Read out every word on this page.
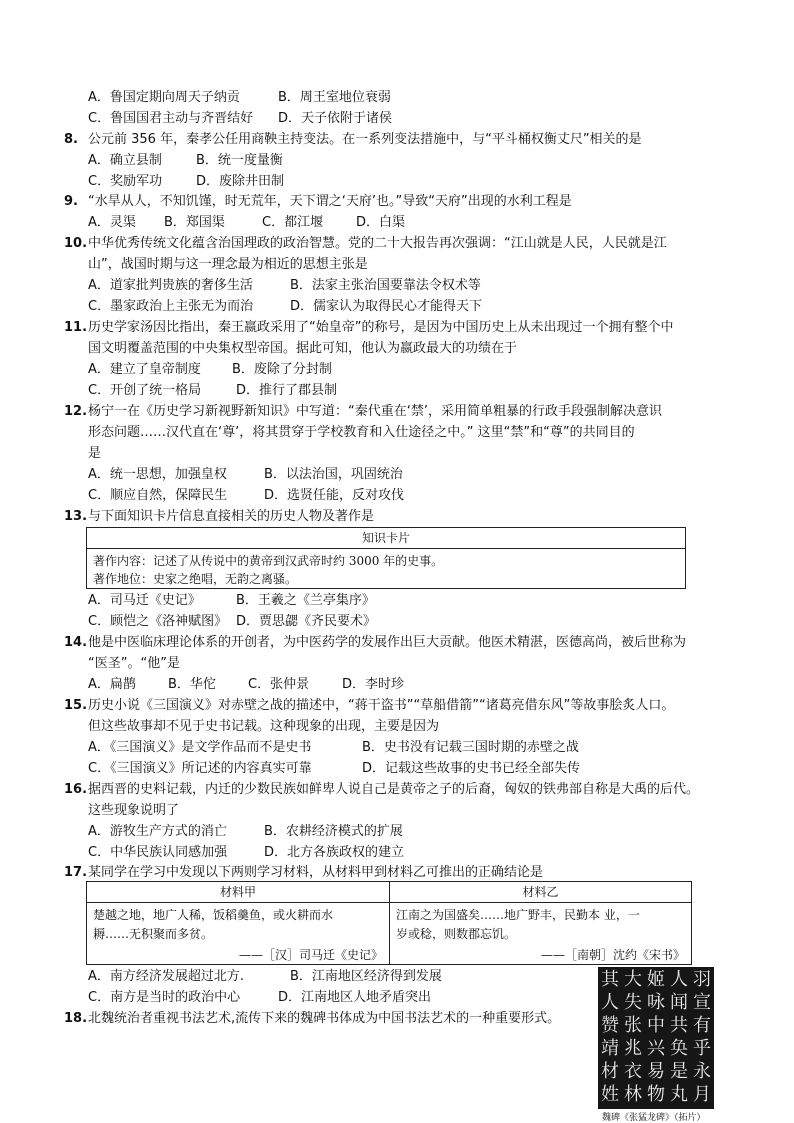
A．鲁国定期向周天子纳贡	B．周王室地位衰弱
C．鲁国国君主动与齐晋结好 D．天子依附于诸侯
8. 公元前 356 年，秦孝公任用商鞅主持变法。在一系列变法措施中，与“平斗桶权衡丈尺”相关的是
A．确立县制	B．统一度量衡
C．奖励军功	D．废除井田制
9. “水旱从人，不知饥馑，时无荒年，天下谓之‘天府’也。”导致“天府”出现的水利工程是
A．灵渠 B．郑国渠	C．都江堰	D．白渠
10. 中华优秀传统文化蕴含治国理政的政治智慧。党的二十大报告再次强调：“江山就是人民，人民就是江
山”，战国时期与这一理念最为相近的思想主张是
A．道家批判贵族的奢侈生活	B．法家主张治国要靠法令权术等
C．墨家政治上主张无为而治	D．儒家认为取得民心才能得天下
11. 历史学家汤因比指出，秦王嬴政采用了“始皇帝”的称号，是因为中国历史上从未出现过一个拥有整个中
国文明覆盖范围的中央集权型帝国。据此可知，他认为嬴政最大的功绩在于
A．建立了皇帝制度 B．废除了分封制
C．开创了统一格局	D．推行了郡县制
12. 杨宁一在《历史学习新视野新知识》中写道：“秦代重在‘禁’，采用简单粗暴的行政手段强制解决意识
形态问题……汉代直在‘尊’，将其贯穿于学校教育和入仕途径之中。” 这里“禁”和“尊”的共同目的
是
A．统一思想，加强皇权	B．以法治国，巩固统治
C．顺应自然，保障民生	D．选贤任能，反对攻伐
13. 与下面知识卡片信息直接相关的历史人物及著作是
知识卡片
著作内容：记述了从传说中的黄帝到汉武帝时约 3000 年的史事。
著作地位：史家之绝唱，无韵之离骚。
A．司马迁《史记》	B．王羲之《兰亭集序》
C．顾恺之《洛神赋图》 D．贾思勰《齐民要术》
14. 他是中医临床理论体系的开创者，为中医药学的发展作出巨大贡献。他医术精湛，医德高尚，被后世称为
“医圣”。“他”是
A．扁鹊 B．华佗 C．张仲景	D．李时珍
15. 历史小说《三国演义》对赤壁之战的描述中，“蒋干盗书”“草船借箭”“诸葛亮借东风”等故事脍炙人口。
但这些故事却不见于史书记载。这种现象的出现，主要是因为
A．《三国演义》是文学作品而不是史书	B．史书没有记载三国时期的赤壁之战
C．《三国演义》所记述的内容真实可靠	D．记载这些故事的史书已经全部失传
16. 据西晋的史料记载，内迁的少数民族如鲜卑人说自己是黄帝之子的后裔，匈奴的铁弗部自称是大禹的后代。
这些现象说明了
A．游牧生产方式的消亡	B．农耕经济模式的扩展
C．中华民族认同感加强	D．北方各族政权的建立
17. 某同学在学习中发现以下两则学习材料，从材料甲到材料乙可推出的正确结论是
材料甲
楚越之地，地广人稀，饭稻羹鱼，或火耕而水
耨……无积聚而多贫。
——［汉］司马迁《史记》
材料乙
江南之为国盛矣……地广野丰，民勤本 业，一
岁或稔，则数郡忘饥。
——［南朝］沈约《宋书》
A．南方经济发展超过北方.	B．江南地区经济得到发展
C．南方是当时的政治中心	D．江南地区人地矛盾突出
18. 北魏统治者重视书法艺术,流传下来的魏碑书体成为中国书法艺术的一种重要形式。
其 大 姬 人 羽
人 失 咏 闻 宣
赞 张 中 共 有
靖 兆 兴 奂 乎
材 衣 易 是 永
姓 林 物 丸 月
魏碑《张猛龙碑》（拓片）
